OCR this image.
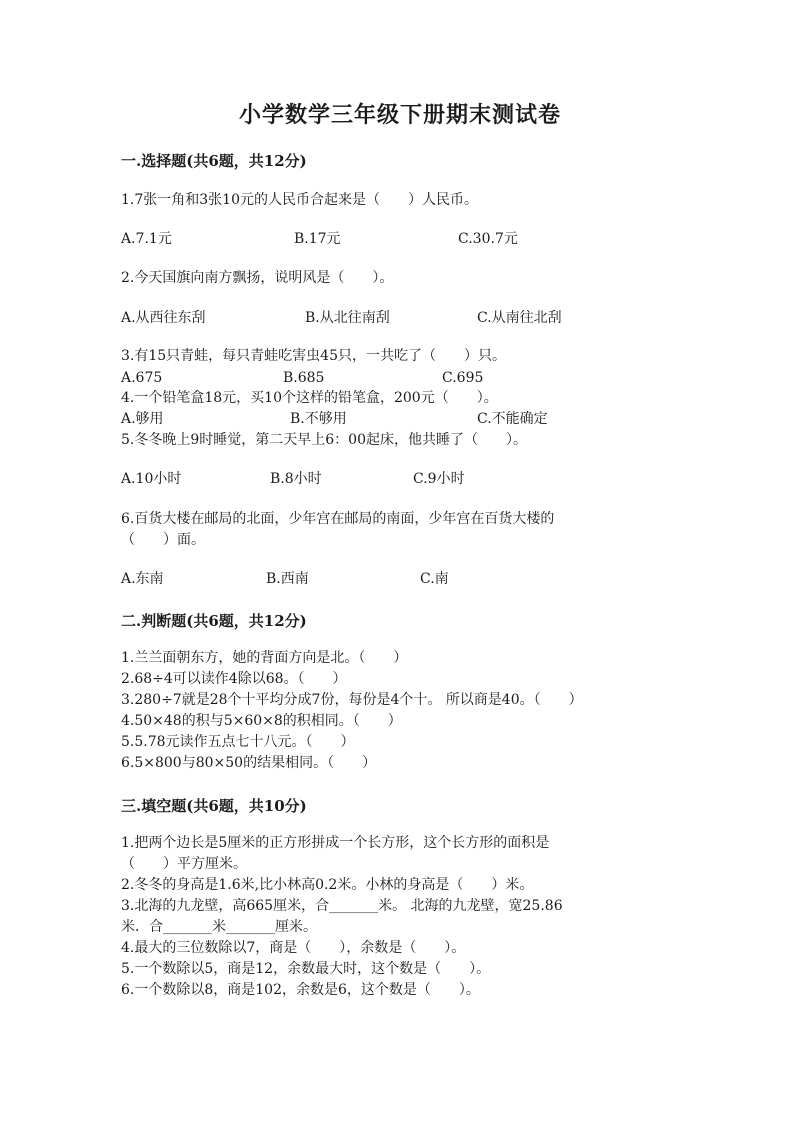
小学数学三年级下册期末测试卷
一.选择题(共6题，共12分)
1.7张一角和3张10元的人民币合起来是（　　）人民币。
A.7.1元	B.17元	C.30.7元
2.今天国旗向南方飘扬，说明风是（　　）。
A.从西往东刮	B.从北往南刮	C.从南往北刮
3.有15只青蛙，每只青蛙吃害虫45只，一共吃了（　　）只。
A.675	B.685	C.695
4.一个铅笔盒18元，买10个这样的铅笔盒，200元（　　）。
A.够用	B.不够用	C.不能确定
5.冬冬晚上9时睡觉，第二天早上6：00起床，他共睡了（　　）。
A.10小时	B.8小时	C.9小时
6.百货大楼在邮局的北面，少年宫在邮局的南面，少年宫在百货大楼的
（　　）面。
A.东南	B.西南	C.南
二.判断题(共6题，共12分)
1.兰兰面朝东方，她的背面方向是北。（　　）
2.68÷4可以读作4除以68。（　　）
3.280÷7就是28个十平均分成7份，每份是4个十。 所以商是40。（　　）
4.50×48的积与5×60×8的积相同。（　　）
5.5.78元读作五点七十八元。（　　）
6.5×800与80×50的结果相同。（　　）
三.填空题(共6题，共10分)
1.把两个边长是5厘米的正方形拼成一个长方形，这个长方形的面积是
（　　）平方厘米。
2.冬冬的身高是1.6米,比小林高0.2米。小林的身高是（　　）米。
3.北海的九龙壁，高665厘米，合_______米。 北海的九龙壁，宽25.86
米．合_______米_______厘米。
4.最大的三位数除以7，商是（　　），余数是（　　）。
5.一个数除以5，商是12，余数最大时，这个数是（　　）。
6.一个数除以8，商是102，余数是6，这个数是（　　）。
